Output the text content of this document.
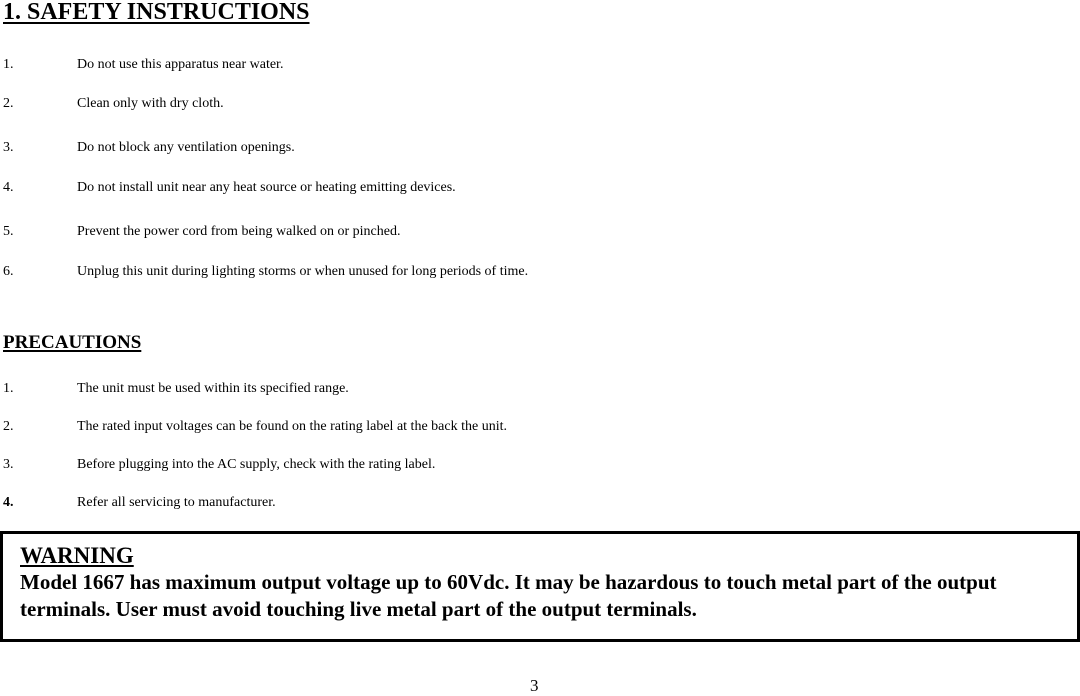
1. SAFETY INSTRUCTIONS
1.	Do not use this apparatus near water.
2.	Clean only with dry cloth.
3.	Do not block any ventilation openings.
4.	Do not install unit near any heat source or heating emitting devices.
5.	Prevent the power cord from being walked on or pinched.
6.	Unplug this unit during lighting storms or when unused for long periods of time.
PRECAUTIONS
1.	The unit must be used within its specified range.
2.	The rated input voltages can be found on the rating label at the back the unit.
3.	Before plugging into the AC supply, check with the rating label.
4.	Refer all servicing to manufacturer.
WARNING
Model 1667 has maximum output voltage up to 60Vdc. It may be hazardous to touch metal part of the output terminals. User must avoid touching live metal part of the output terminals.
3
